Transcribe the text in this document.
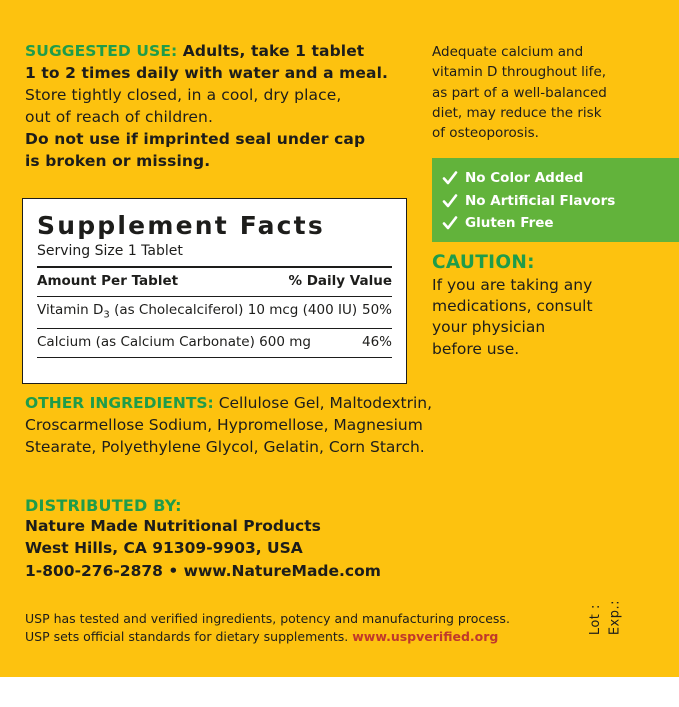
SUGGESTED USE: Adults, take 1 tablet
1 to 2 times daily with water and a meal.
Store tightly closed, in a cool, dry place,
out of reach of children.
Do not use if imprinted seal under cap
is broken or missing.
Supplement Facts
Serving Size 1 Tablet
Amount Per Tablet	% Daily Value
Vitamin $D_3$ (as Cholecalciferol) 10 mcg (400 IU) 50%
Calcium (as Calcium Carbonate) 600 mg	46%
OTHER INGREDIENTS: Cellulose Gel, Maltodextrin, Croscarmellose Sodium, Hypromellose, Magnesium Stearate, Polyethylene Glycol, Gelatin, Corn Starch.
DISTRIBUTED BY:
Nature Made Nutritional Products
West Hills, CA 91309-9903, USA
1-800-276-2878 • www.NatureMade.com
USP has tested and verified ingredients, potency and manufacturing process.
USP sets official standards for dietary supplements. www.uspverified.org
Adequate calcium and
vitamin D throughout life,
as part of a well-balanced
diet, may reduce the risk
of osteoporosis.
No Color Added
No Artificial Flavors
Gluten Free
CAUTION:
If you are taking any
medications, consult
your physician
before use.
Lot : Exp.:
